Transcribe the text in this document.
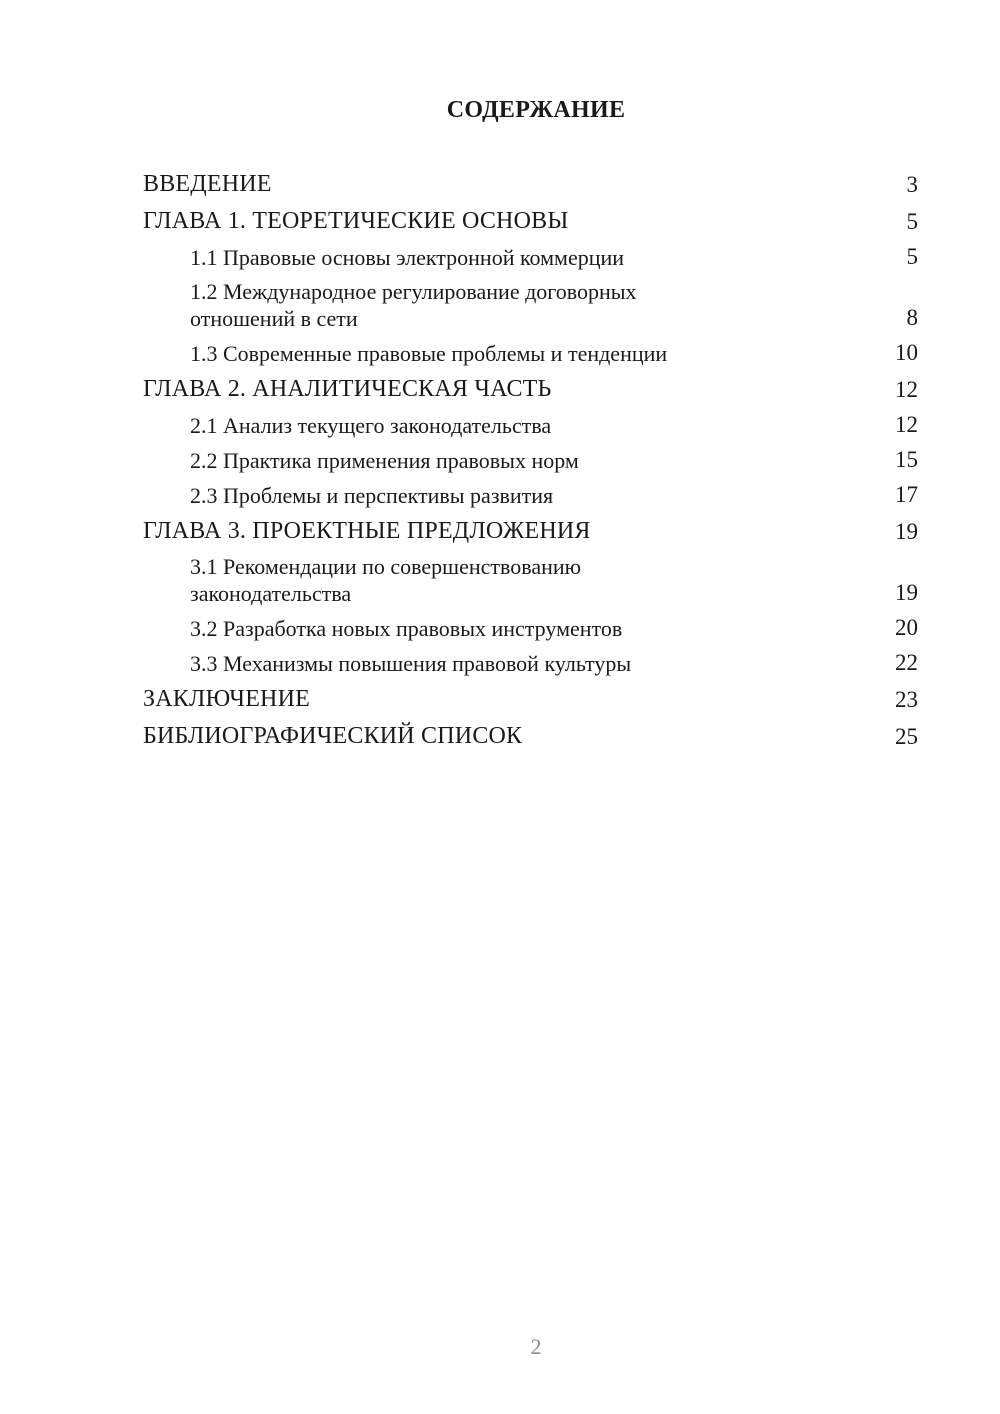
СОДЕРЖАНИЕ
ВВЕДЕНИЕ	3
ГЛАВА 1. ТЕОРЕТИЧЕСКИЕ ОСНОВЫ	5
1.1 Правовые основы электронной коммерции	5
1.2 Международное регулирование договорных отношений в сети	8
1.3 Современные правовые проблемы и тенденции	10
ГЛАВА 2. АНАЛИТИЧЕСКАЯ ЧАСТЬ	12
2.1 Анализ текущего законодательства	12
2.2 Практика применения правовых норм	15
2.3 Проблемы и перспективы развития	17
ГЛАВА 3. ПРОЕКТНЫЕ ПРЕДЛОЖЕНИЯ	19
3.1 Рекомендации по совершенствованию законодательства	19
3.2 Разработка новых правовых инструментов	20
3.3 Механизмы повышения правовой культуры	22
ЗАКЛЮЧЕНИЕ	23
БИБЛИОГРАФИЧЕСКИЙ СПИСОК	25
2
